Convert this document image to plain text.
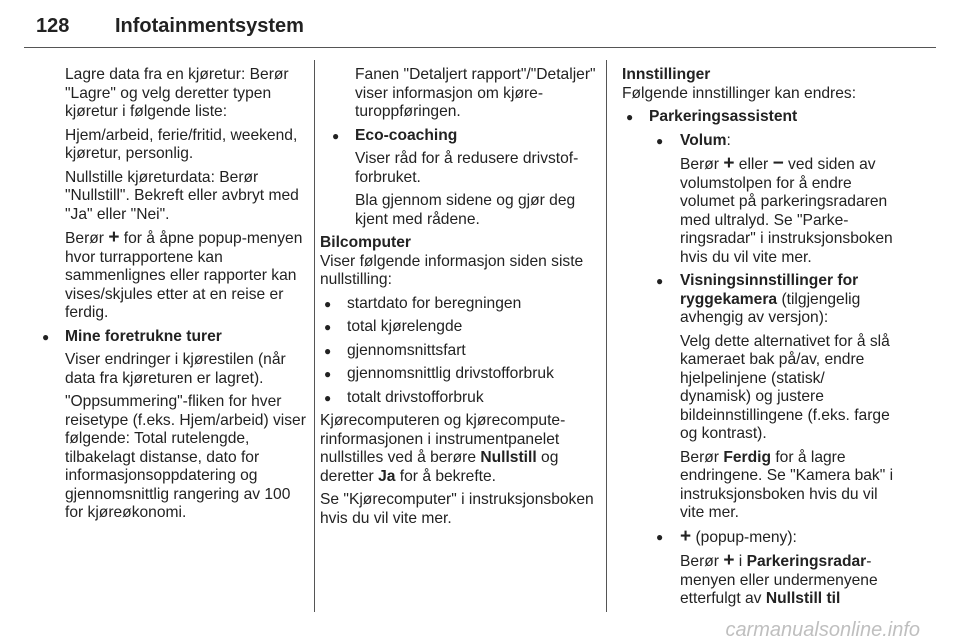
128 Infotainmentsystem

Lagre data fra en kjøretur: Berør "Lagre" og velg deretter typen kjøretur i følgende liste:

Hjem/arbeid, ferie/fritid, weekend, kjøretur, personlig.

Nullstille kjøreturdata: Berør "Nullstill". Bekreft eller avbryt med "Ja" eller "Nei".

Berør + for å åpne popup-menyen hvor turrapportene kan sammenlignes eller rapporter kan vises/skjules etter at en reise er ferdig.

● Mine foretrukne turer

Viser endringer i kjørestilen (når data fra kjøreturen er lagret).

"Oppsummering"-fliken for hver reisetype (f.eks. Hjem/arbeid) viser følgende: Total rutelengde, tilbakelagt distanse, dato for informasjonsoppdatering og gjennomsnittlig rangering av 100 for kjøreøkonomi.

Fanen "Detaljert rapport"/"Detaljer" viser informasjon om kjøreturoppføringen.

● Eco-coaching

Viser råd for å redusere drivstofforbruket.

Bla gjennom sidene og gjør deg kjent med rådene.

Bilcomputer

Viser følgende informasjon siden siste nullstilling:

● startdato for beregningen
● total kjørelengde
● gjennomsnittsfart
● gjennomsnittlig drivstofforbruk
● totalt drivstofforbruk

Kjørecomputeren og kjørecomputerinformasjonen i instrumentpanelet nullstilles ved å berøre Nullstill og deretter Ja for å bekrefte.

Se "Kjørecomputer" i instruksjonsboken hvis du vil vite mer.

Innstillinger

Følgende innstillinger kan endres:

● Parkeringsassistent
● Volum:

Berør + eller − ved siden av volumstolpen for å endre volumet på parkeringsradaren med ultralyd. Se "Parkeringsradar" i instruksjonsboken hvis du vil vite mer.

● Visningsinnstillinger for ryggekamera (tilgjengelig avhengig av versjon):

Velg dette alternativet for å slå kameraet bak på/av, endre hjelpelinjene (statisk/ dynamisk) og justere bildeinnstillingene (f.eks. farge og kontrast).

Berør Ferdig for å lagre endringene. Se "Kamera bak" i instruksjonsboken hvis du vil vite mer.

● + (popup-meny):

Berør + i Parkeringsradar-menyen eller undermenyene etterfulgt av Nullstill til

carmanualsonline.info
